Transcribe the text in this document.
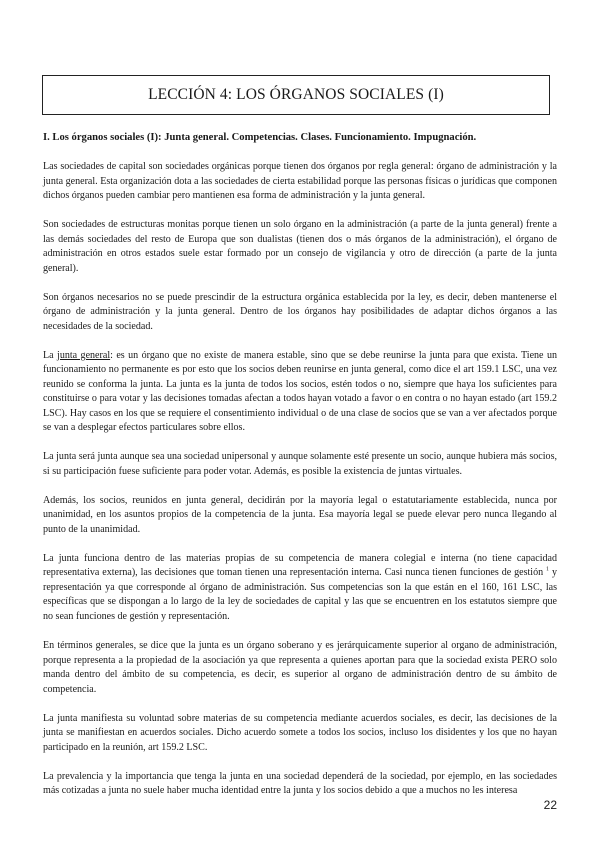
LECCIÓN 4: LOS ÓRGANOS SOCIALES (I)
I. Los órganos sociales (I): Junta general. Competencias. Clases. Funcionamiento. Impugnación.

Las sociedades de capital son sociedades orgánicas porque tienen dos órganos por regla general: órgano de administración y la junta general. Esta organización dota a las sociedades de cierta estabilidad porque las personas físicas o jurídicas que componen dichos órganos pueden cambiar pero mantienen esa forma de administración y la junta general.

Son sociedades de estructuras monitas porque tienen un solo órgano en la administración (a parte de la junta general) frente a las demás sociedades del resto de Europa que son dualistas (tienen dos o más órganos de la administración), el órgano de administración en otros estados suele estar formado por un consejo de vigilancia y otro de dirección (a parte de la junta general).

Son órganos necesarios no se puede prescindir de la estructura orgánica establecida por la ley, es decir, deben mantenerse el órgano de administración y la junta general. Dentro de los órganos hay posibilidades de adaptar dichos órganos a las necesidades de la sociedad.

La junta general: es un órgano que no existe de manera estable, sino que se debe reunirse la junta para que exista. Tiene un funcionamiento no permanente es por esto que los socios deben reunirse en junta general, como dice el art 159.1 LSC, una vez reunido se conforma la junta. La junta es la junta de todos los socios, estén todos o no, siempre que haya los suficientes para constituirse o para votar y las decisiones tomadas afectan a todos hayan votado a favor o en contra o no hayan estado (art 159.2 LSC). Hay casos en los que se requiere el consentimiento individual o de una clase de socios que se van a ver afectados porque se van a desplegar efectos particulares sobre ellos.

La junta será junta aunque sea una sociedad unipersonal y aunque solamente esté presente un socio, aunque hubiera más socios, si su participación fuese suficiente para poder votar. Además, es posible la existencia de juntas virtuales.

Además, los socios, reunidos en junta general, decidirán por la mayoría legal o estatutariamente establecida, nunca por unanimidad, en los asuntos propios de la competencia de la junta. Esa mayoría legal se puede elevar pero nunca llegando al punto de la unanimidad.

La junta funciona dentro de las materias propias de su competencia de manera colegial e interna (no tiene capacidad representativa externa), las decisiones que toman tienen una representación interna. Casi nunca tienen funciones de gestión $^1$ y representación ya que corresponde al órgano de administración. Sus competencias son la que están en el 160, 161 LSC, las específicas que se dispongan a lo largo de la ley de sociedades de capital y las que se encuentren en los estatutos siempre que no sean funciones de gestión y representación.

En términos generales, se dice que la junta es un órgano soberano y es jerárquicamente superior al organo de administración, porque representa a la propiedad de la asociación ya que representa a quienes aportan para que la sociedad exista PERO solo manda dentro del ámbito de su competencia, es decir, es superior al organo de administración dentro de su ámbito de competencia.

La junta manifiesta su voluntad sobre materias de su competencia mediante acuerdos sociales, es decir, las decisiones de la junta se manifiestan en acuerdos sociales. Dicho acuerdo somete a todos los socios, incluso los disidentes y los que no hayan participado en la reunión, art 159.2 LSC.

La prevalencia y la importancia que tenga la junta en una sociedad dependerá de la sociedad, por ejemplo, en las sociedades más cotizadas a junta no suele haber mucha identidad entre la junta y los socios debido a que a muchos no les interesa

22
